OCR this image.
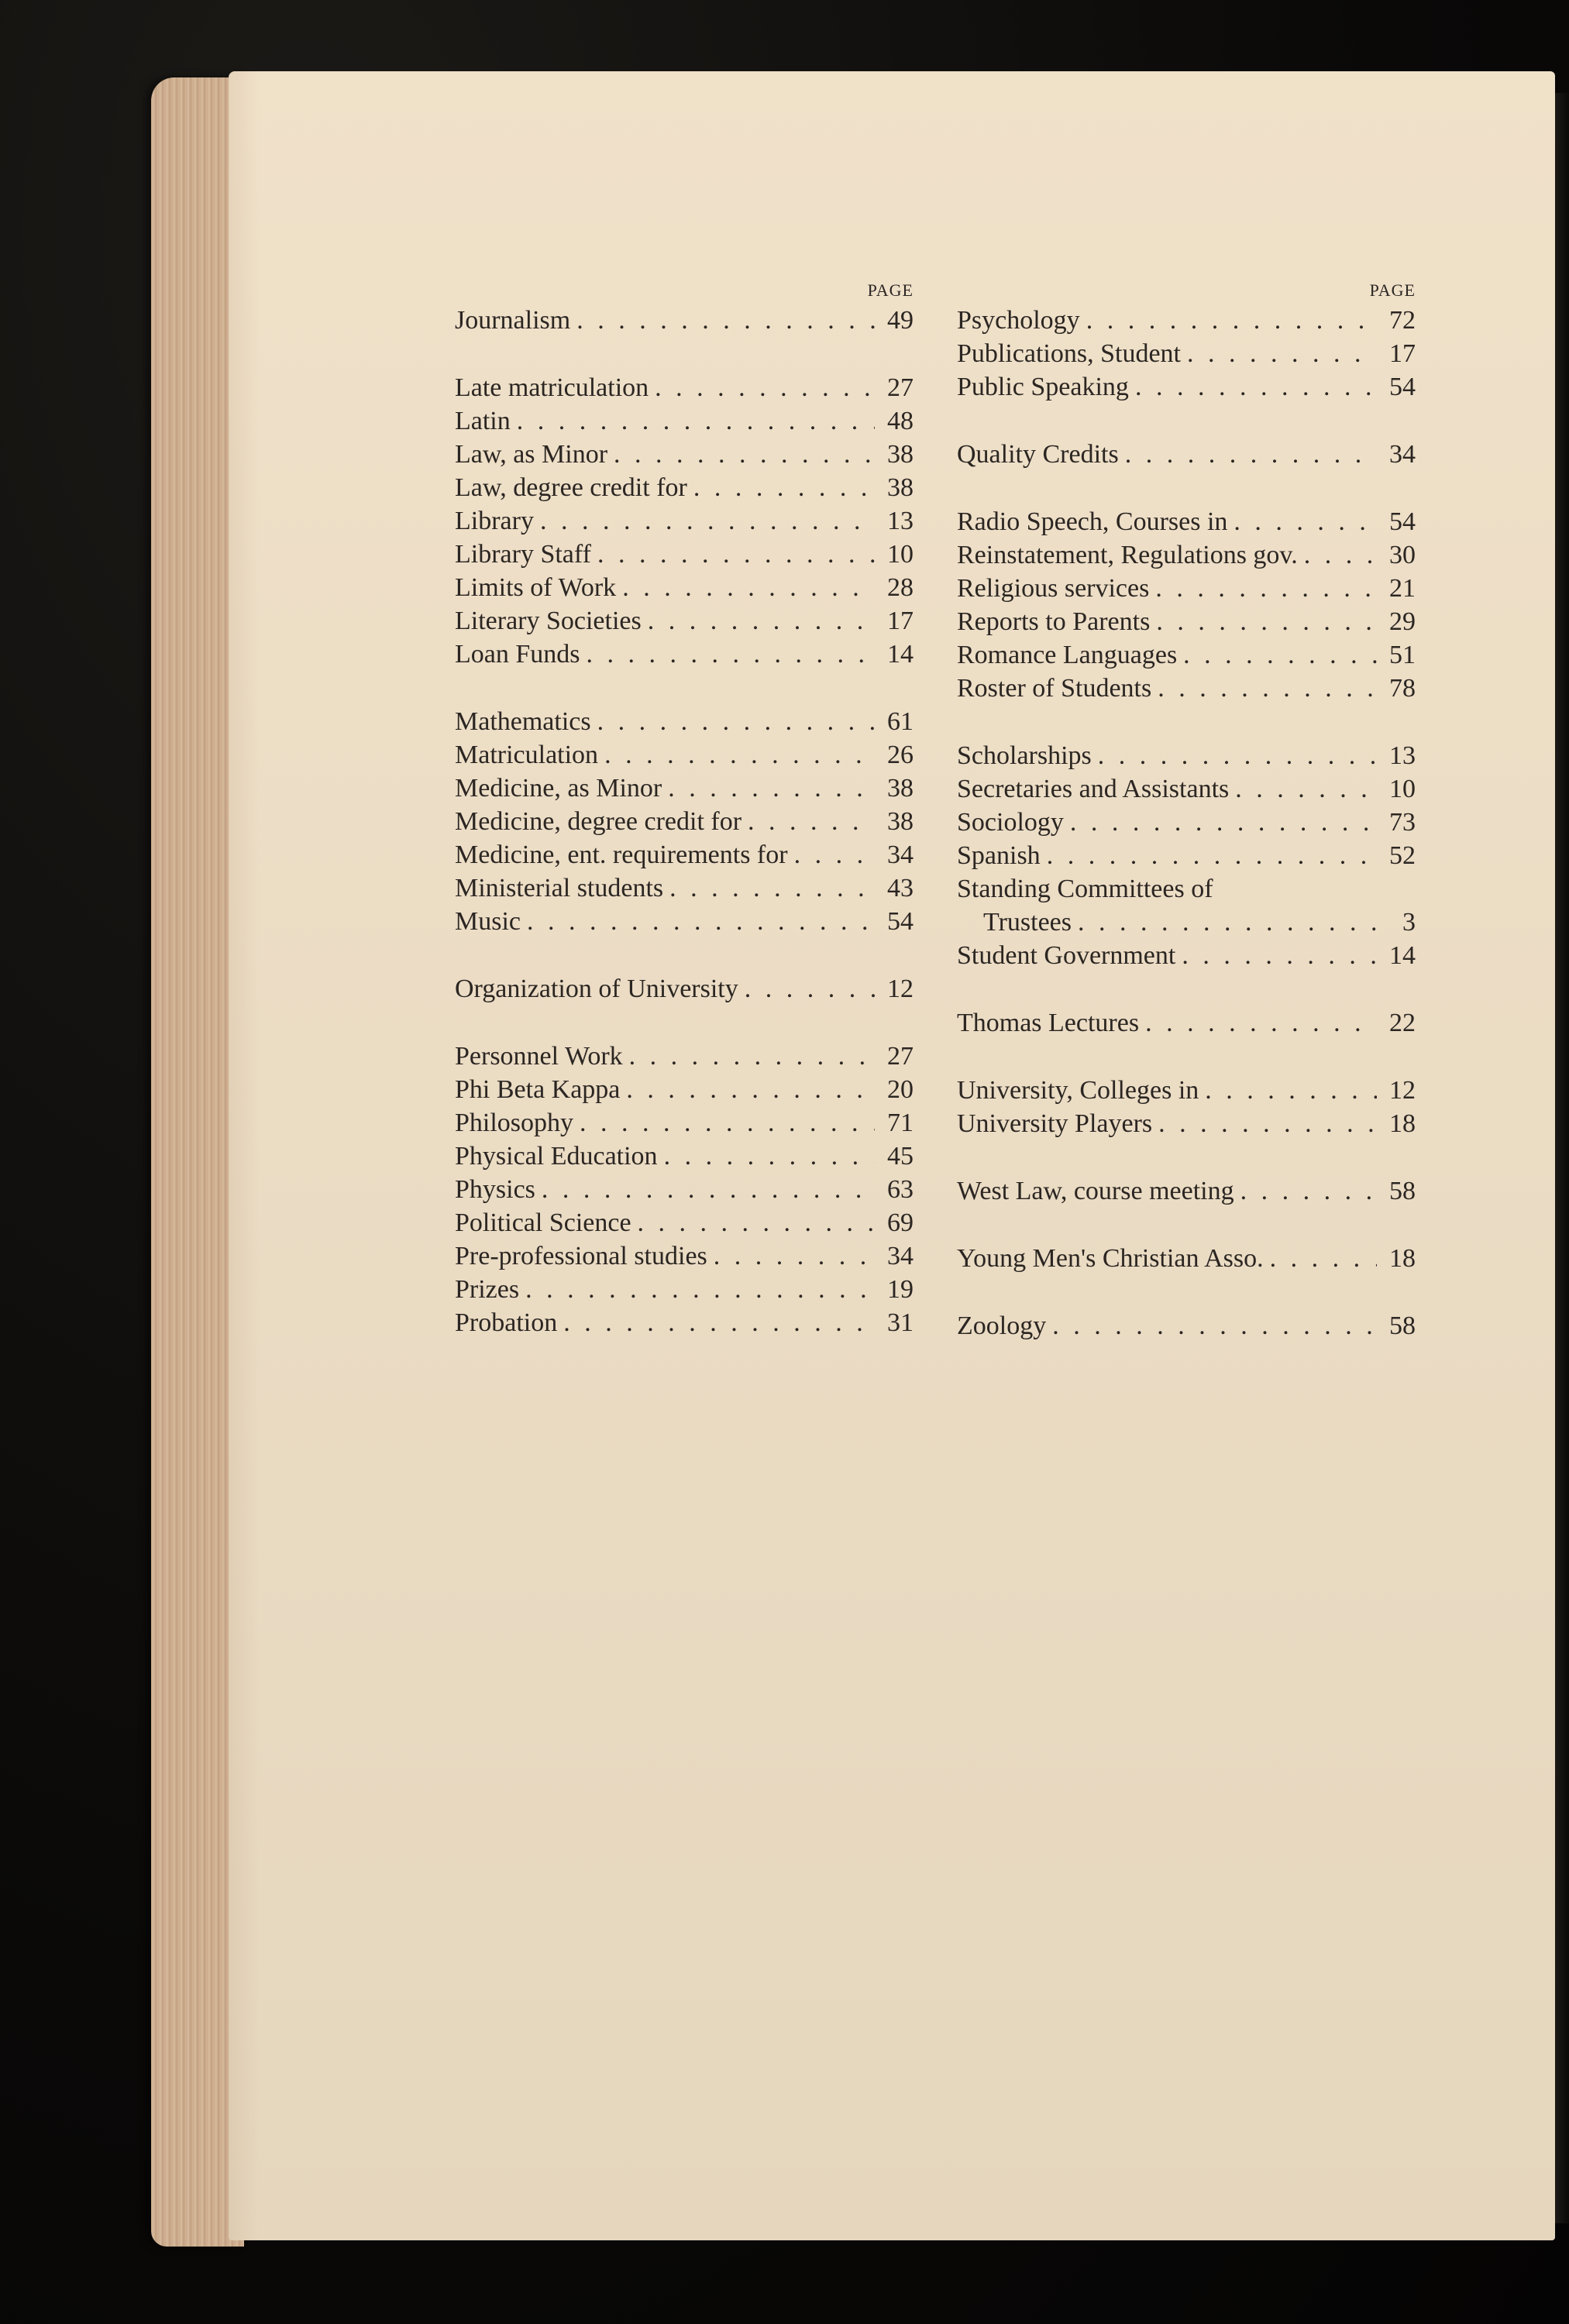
PAGE
Journalism . . .	49
Late matriculation . . .	27
Latin . . .	48
Law, as Minor . . .	38
Law, degree credit for . . .	38
Library . . .	13
Library Staff . . .	10
Limits of Work . . .	28
Literary Societies . . .	17
Loan Funds . . .	14
Mathematics . . .	61
Matriculation . . .	26
Medicine, as Minor . . .	38
Medicine, degree credit for . . .	38
Medicine, ent. requirements for . . .	34
Ministerial students . . .	43
Music . . .	54
Organization of University . . .	12
Personnel Work . . .	27
Phi Beta Kappa . . .	20
Philosophy . . .	71
Physical Education . . .	45
Physics . . .	63
Political Science . . .	69
Pre-professional studies . . .	34
Prizes . . .	19
Probation . . .	31
PAGE
Psychology . . .	72
Publications, Student . . .	17
Public Speaking . . .	54
Quality Credits . . .	34
Radio Speech, Courses in . . .	54
Reinstatement, Regulations gov. . . .	30
Religious services . . .	21
Reports to Parents . . .	29
Romance Languages . . .	51
Roster of Students . . .	78
Scholarships . . .	13
Secretaries and Assistants . . .	10
Sociology . . .	73
Spanish . . .	52
Standing Committees of
Trustees . . .	3
Student Government . . .	14
Thomas Lectures . . .	22
University, Colleges in . . .	12
University Players . . .	18
West Law, course meeting . . .	58
Young Men's Christian Asso. . . .	18
Zoology . . .	58
